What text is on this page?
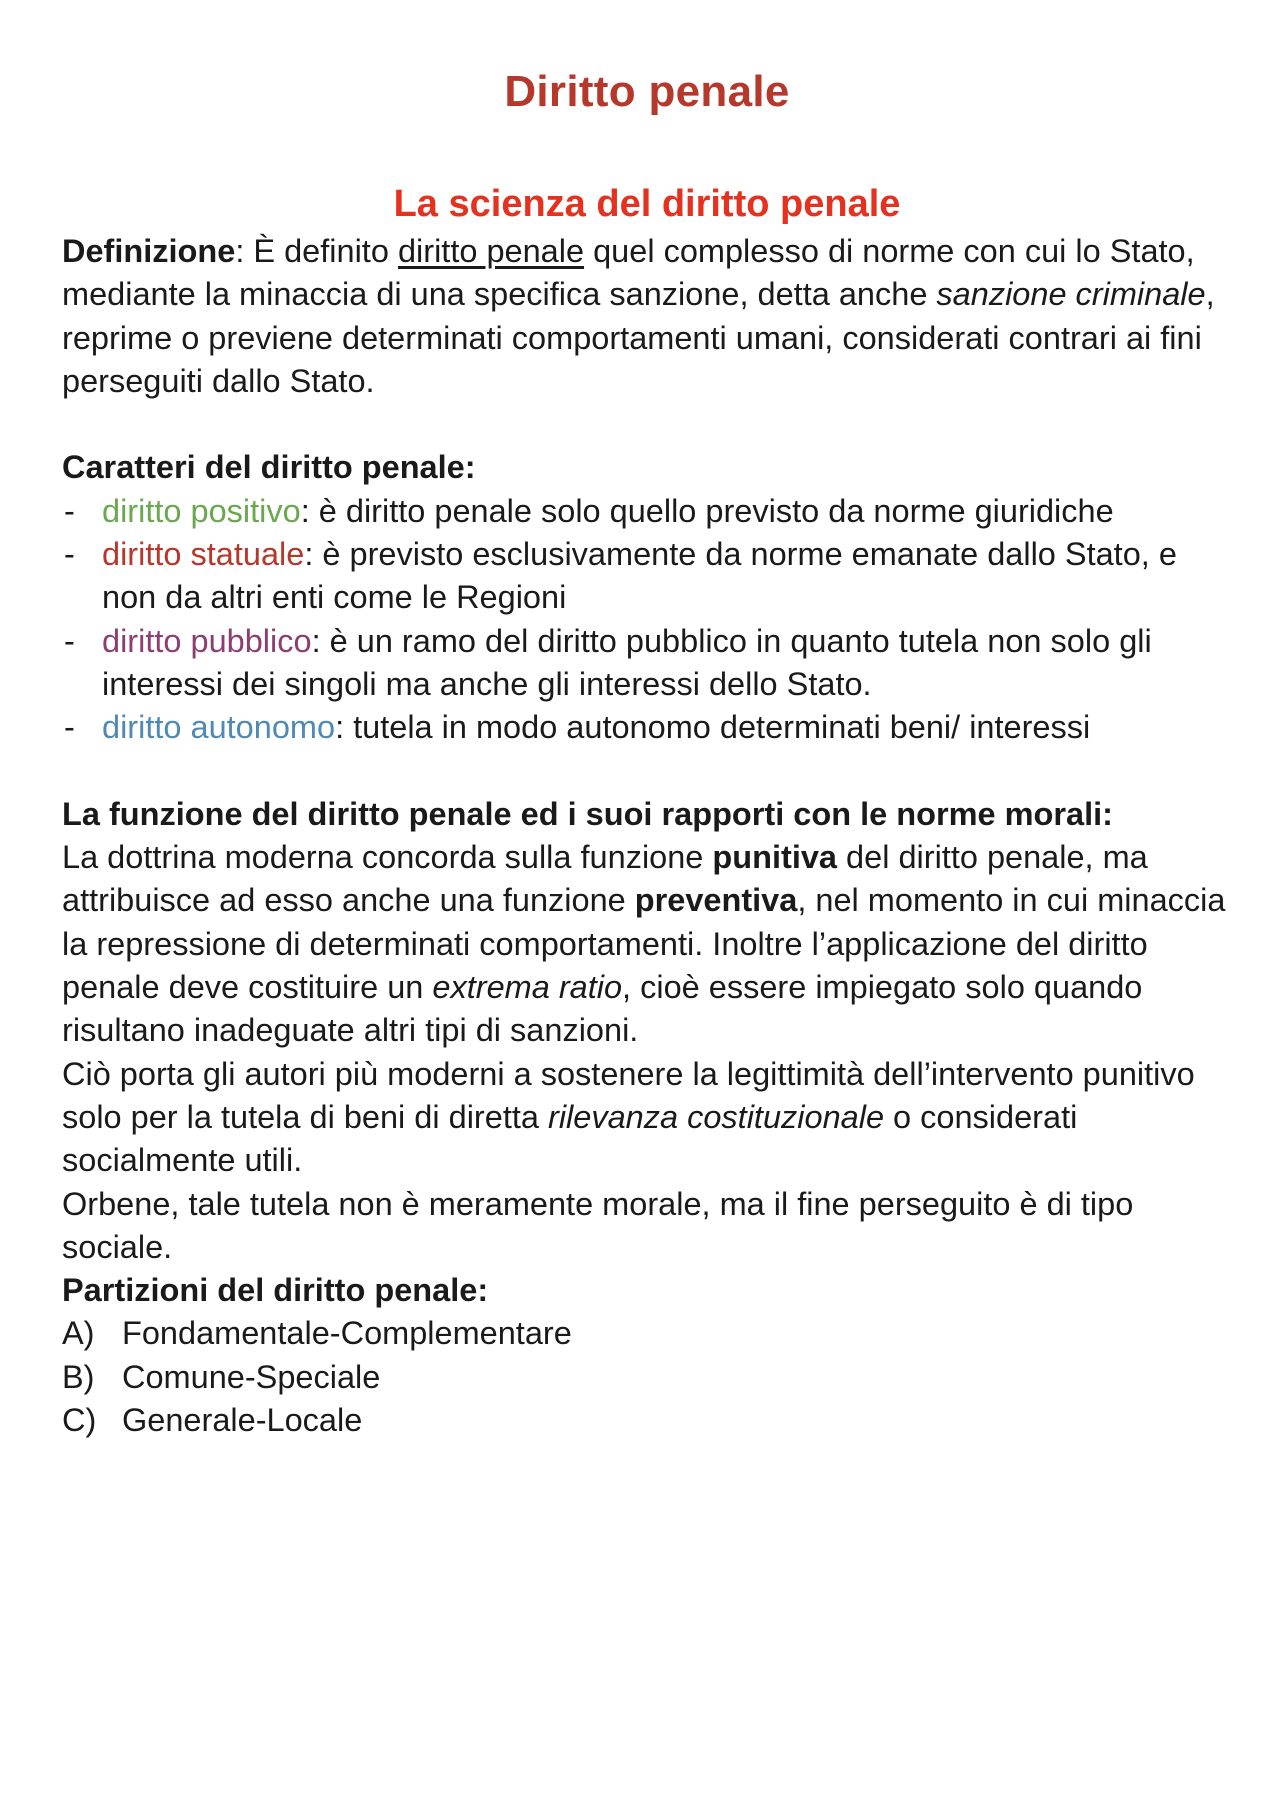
Diritto penale
La scienza del diritto penale

Definizione: È definito diritto penale quel complesso di norme con cui lo Stato, mediante la minaccia di una specifica sanzione, detta anche sanzione criminale, reprime o previene determinati comportamenti umani, considerati contrari ai fini perseguiti dallo Stato.

Caratteri del diritto penale:

- diritto positivo: è diritto penale solo quello previsto da norme giuridiche
- diritto statuale: è previsto esclusivamente da norme emanate dallo Stato, e non da altri enti come le Regioni
- diritto pubblico: è un ramo del diritto pubblico in quanto tutela non solo gli interessi dei singoli ma anche gli interessi dello Stato.
- diritto autonomo: tutela in modo autonomo determinati beni/ interessi

La funzione del diritto penale ed i suoi rapporti con le norme morali:

La dottrina moderna concorda sulla funzione punitiva del diritto penale, ma attribuisce ad esso anche una funzione preventiva, nel momento in cui minaccia la repressione di determinati comportamenti. Inoltre l’applicazione del diritto penale deve costituire un extrema ratio, cioè essere impiegato solo quando risultano inadeguate altri tipi di sanzioni.

Ciò porta gli autori più moderni a sostenere la legittimità dell’intervento punitivo solo per la tutela di beni di diretta rilevanza costituzionale o considerati socialmente utili.

Orbene, tale tutela non è meramente morale, ma il fine perseguito è di tipo sociale.

Partizioni del diritto penale:

A) Fondamentale-Complementare
B) Comune-Speciale
C) Generale-Locale
